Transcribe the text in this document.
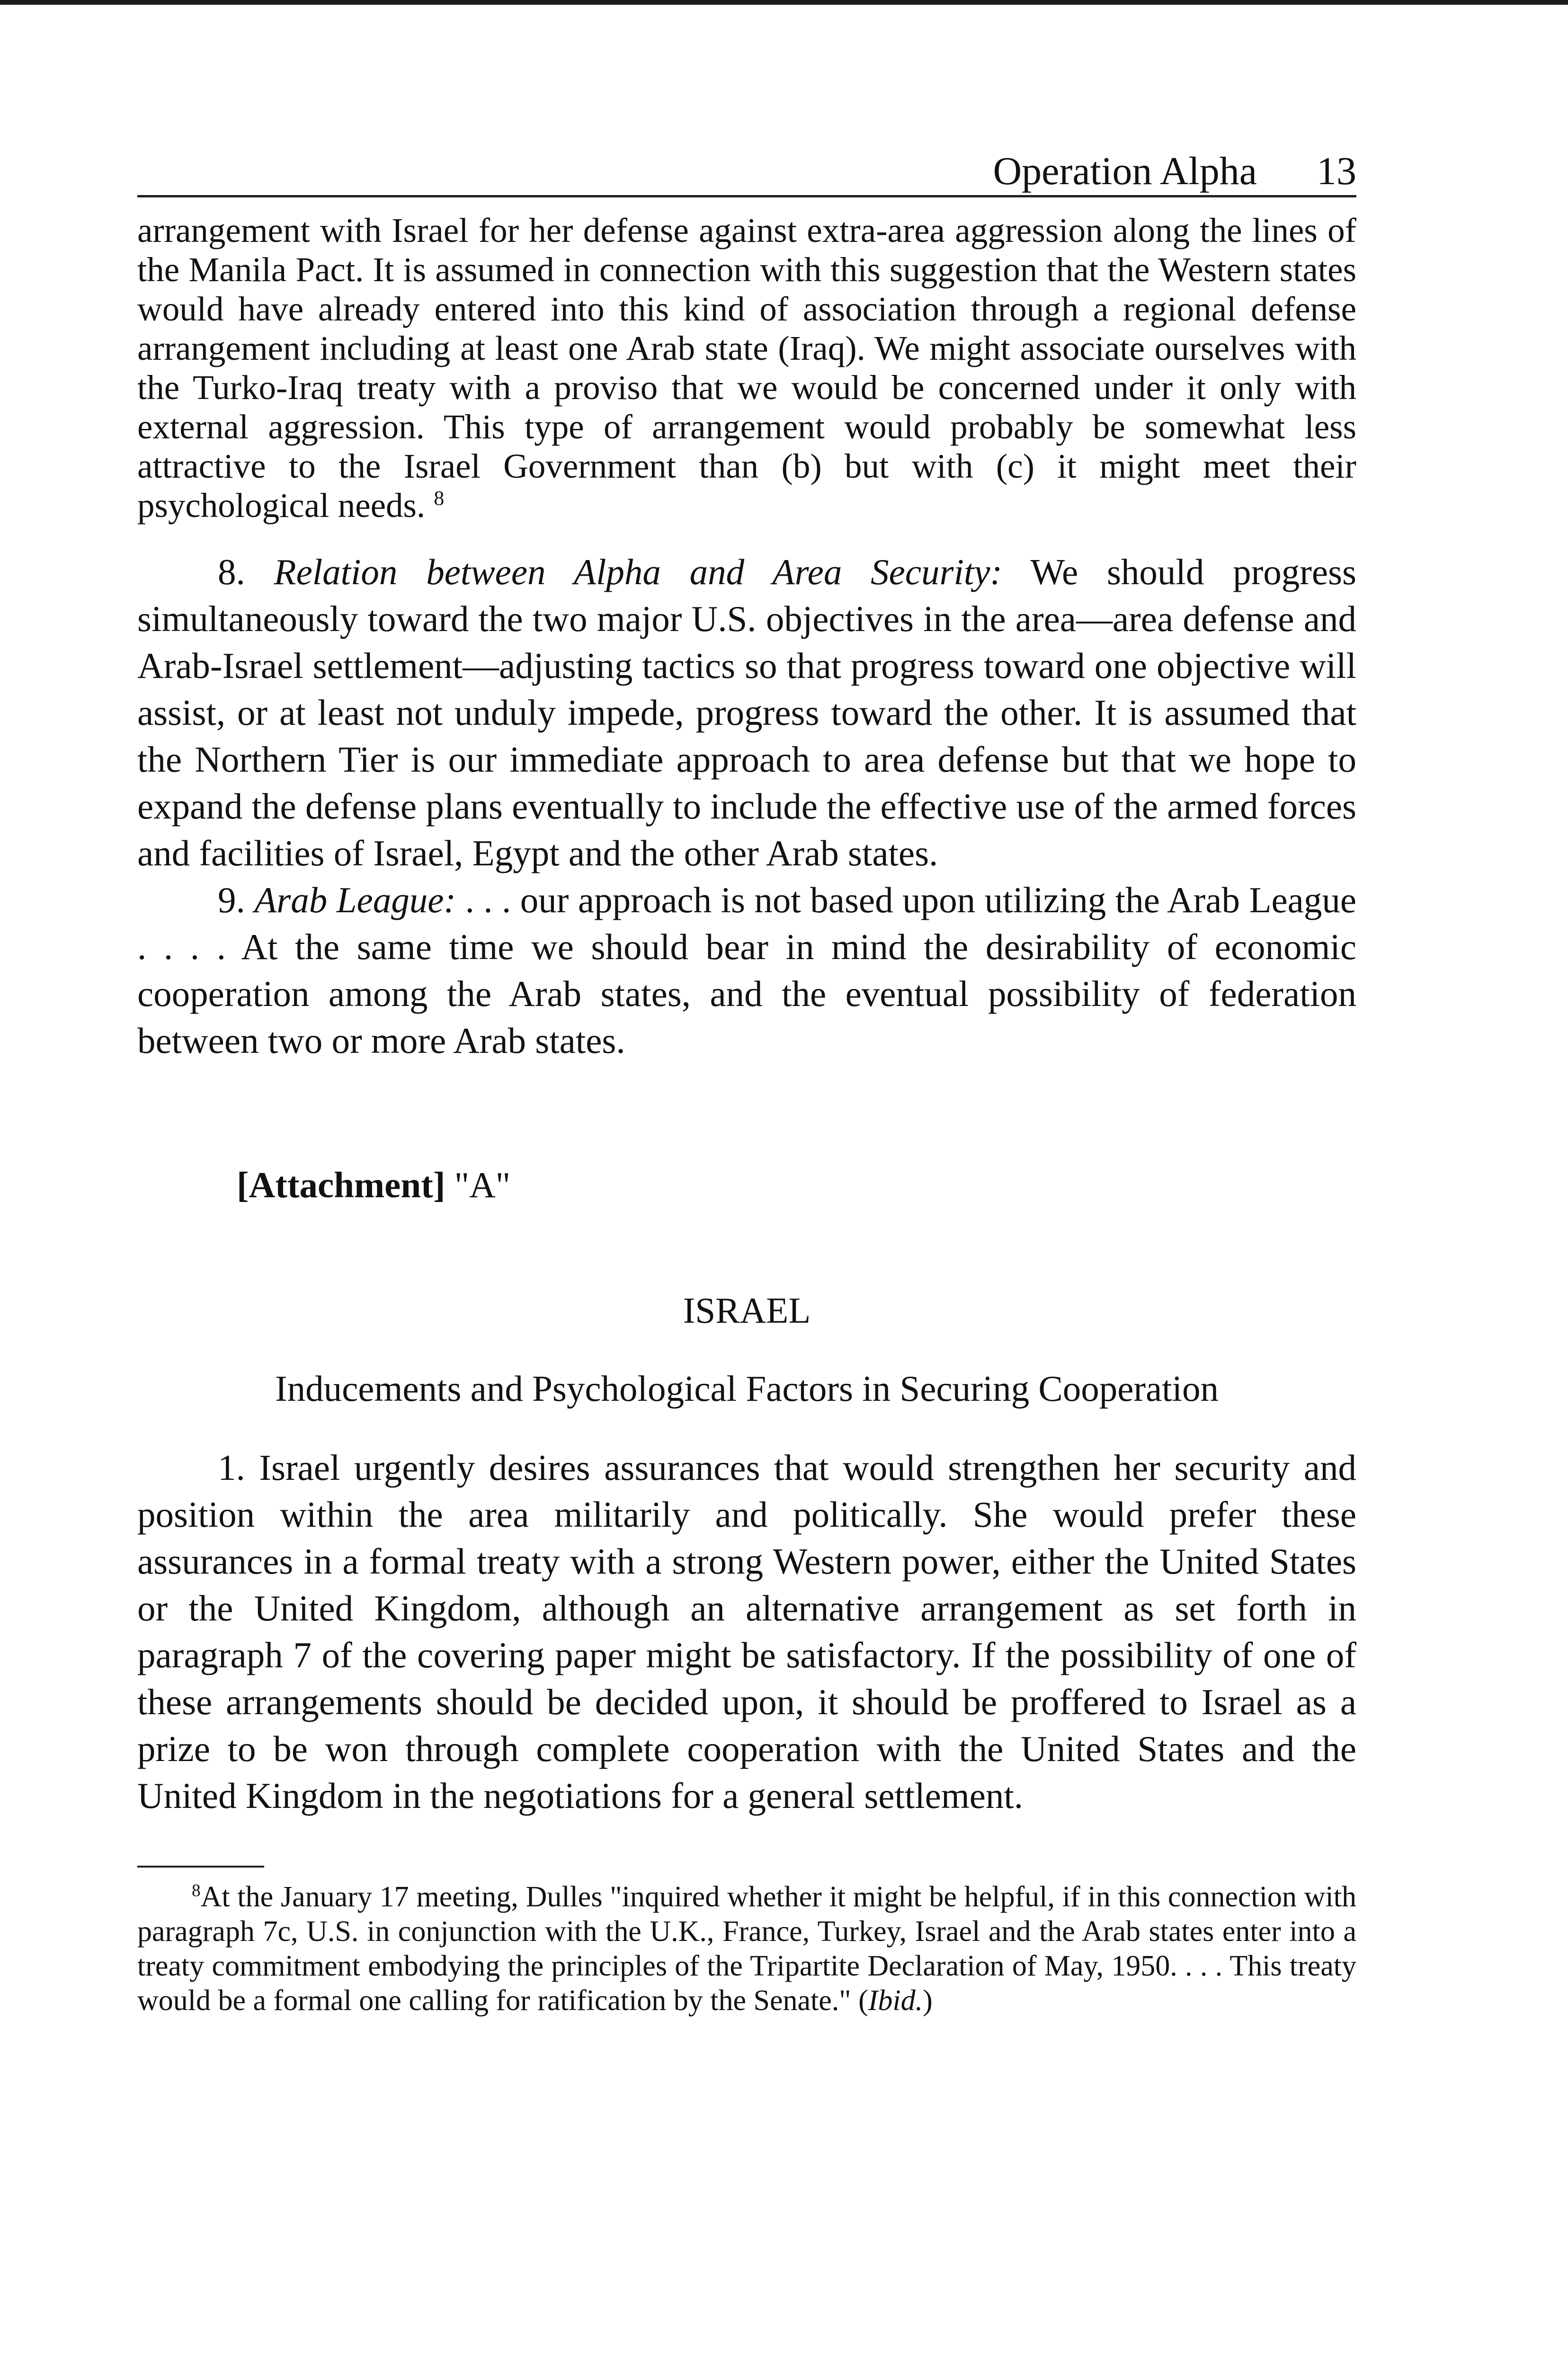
Operation Alpha 13
arrangement with Israel for her defense against extra-area aggression along the lines of the Manila Pact. It is assumed in connection with this suggestion that the Western states would have already entered into this kind of association through a regional defense arrangement including at least one Arab state (Iraq). We might associate ourselves with the Turko-Iraq treaty with a proviso that we would be concerned under it only with external aggression. This type of arrangement would probably be somewhat less attractive to the Israel Government than (b) but with (c) it might meet their psychological needs. $^8$

8. Relation between Alpha and Area Security: We should progress simultaneously toward the two major U.S. objectives in the area—area defense and Arab-Israel settlement—adjusting tactics so that progress toward one objective will assist, or at least not unduly impede, progress toward the other. It is assumed that the Northern Tier is our immediate approach to area defense but that we hope to expand the defense plans eventually to include the effective use of the armed forces and facilities of Israel, Egypt and the other Arab states.

9. Arab League: . . . our approach is not based upon utilizing the Arab League . . . . At the same time we should bear in mind the desirability of economic cooperation among the Arab states, and the eventual possibility of federation between two or more Arab states.

[Attachment] "A"
ISRAEL
Inducements and Psychological Factors in Securing Cooperation

1. Israel urgently desires assurances that would strengthen her security and position within the area militarily and politically. She would prefer these assurances in a formal treaty with a strong Western power, either the United States or the United Kingdom, although an alternative arrangement as set forth in paragraph 7 of the covering paper might be satisfactory. If the possibility of one of these arrangements should be decided upon, it should be proffered to Israel as a prize to be won through complete cooperation with the United States and the United Kingdom in the negotiations for a general settlement.

$^8$At the January 17 meeting, Dulles "inquired whether it might be helpful, if in this connection with paragraph 7c, U.S. in conjunction with the U.K., France, Turkey, Israel and the Arab states enter into a treaty commitment embodying the principles of the Tripartite Declaration of May, 1950. . . . This treaty would be a formal one calling for ratification by the Senate." (Ibid.)
